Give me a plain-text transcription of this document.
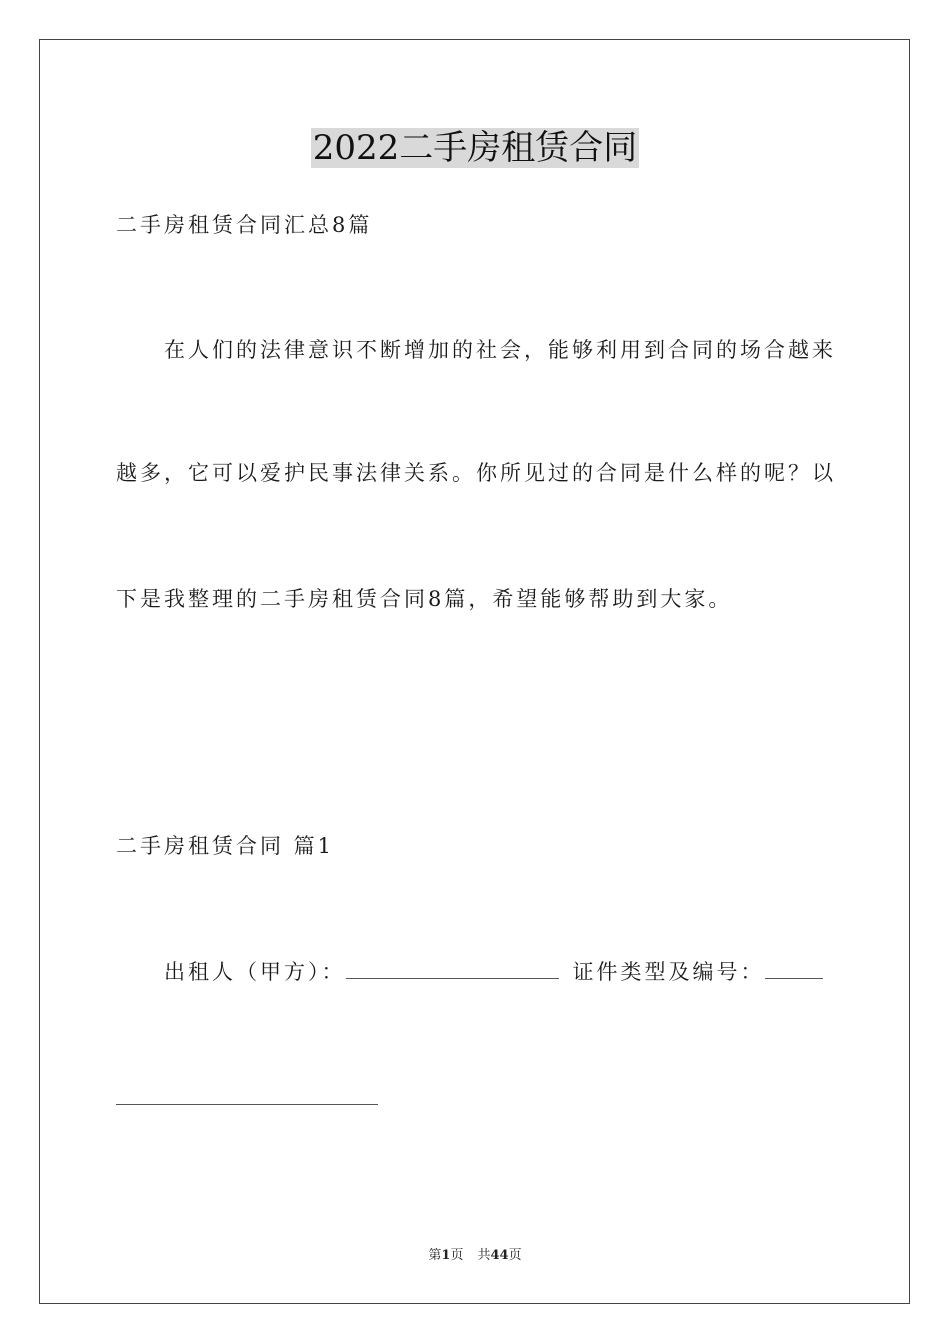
2022二手房租赁合同
二手房租赁合同汇总8篇
在人们的法律意识不断增加的社会，能够利用到合同的场合越来
越多，它可以爱护民事法律关系。你所见过的合同是什么样的呢？以
下是我整理的二手房租赁合同8篇，希望能够帮助到大家。
二手房租赁合同 篇1
出租人（甲方）：	证件类型及编号：
第1页 共44页
